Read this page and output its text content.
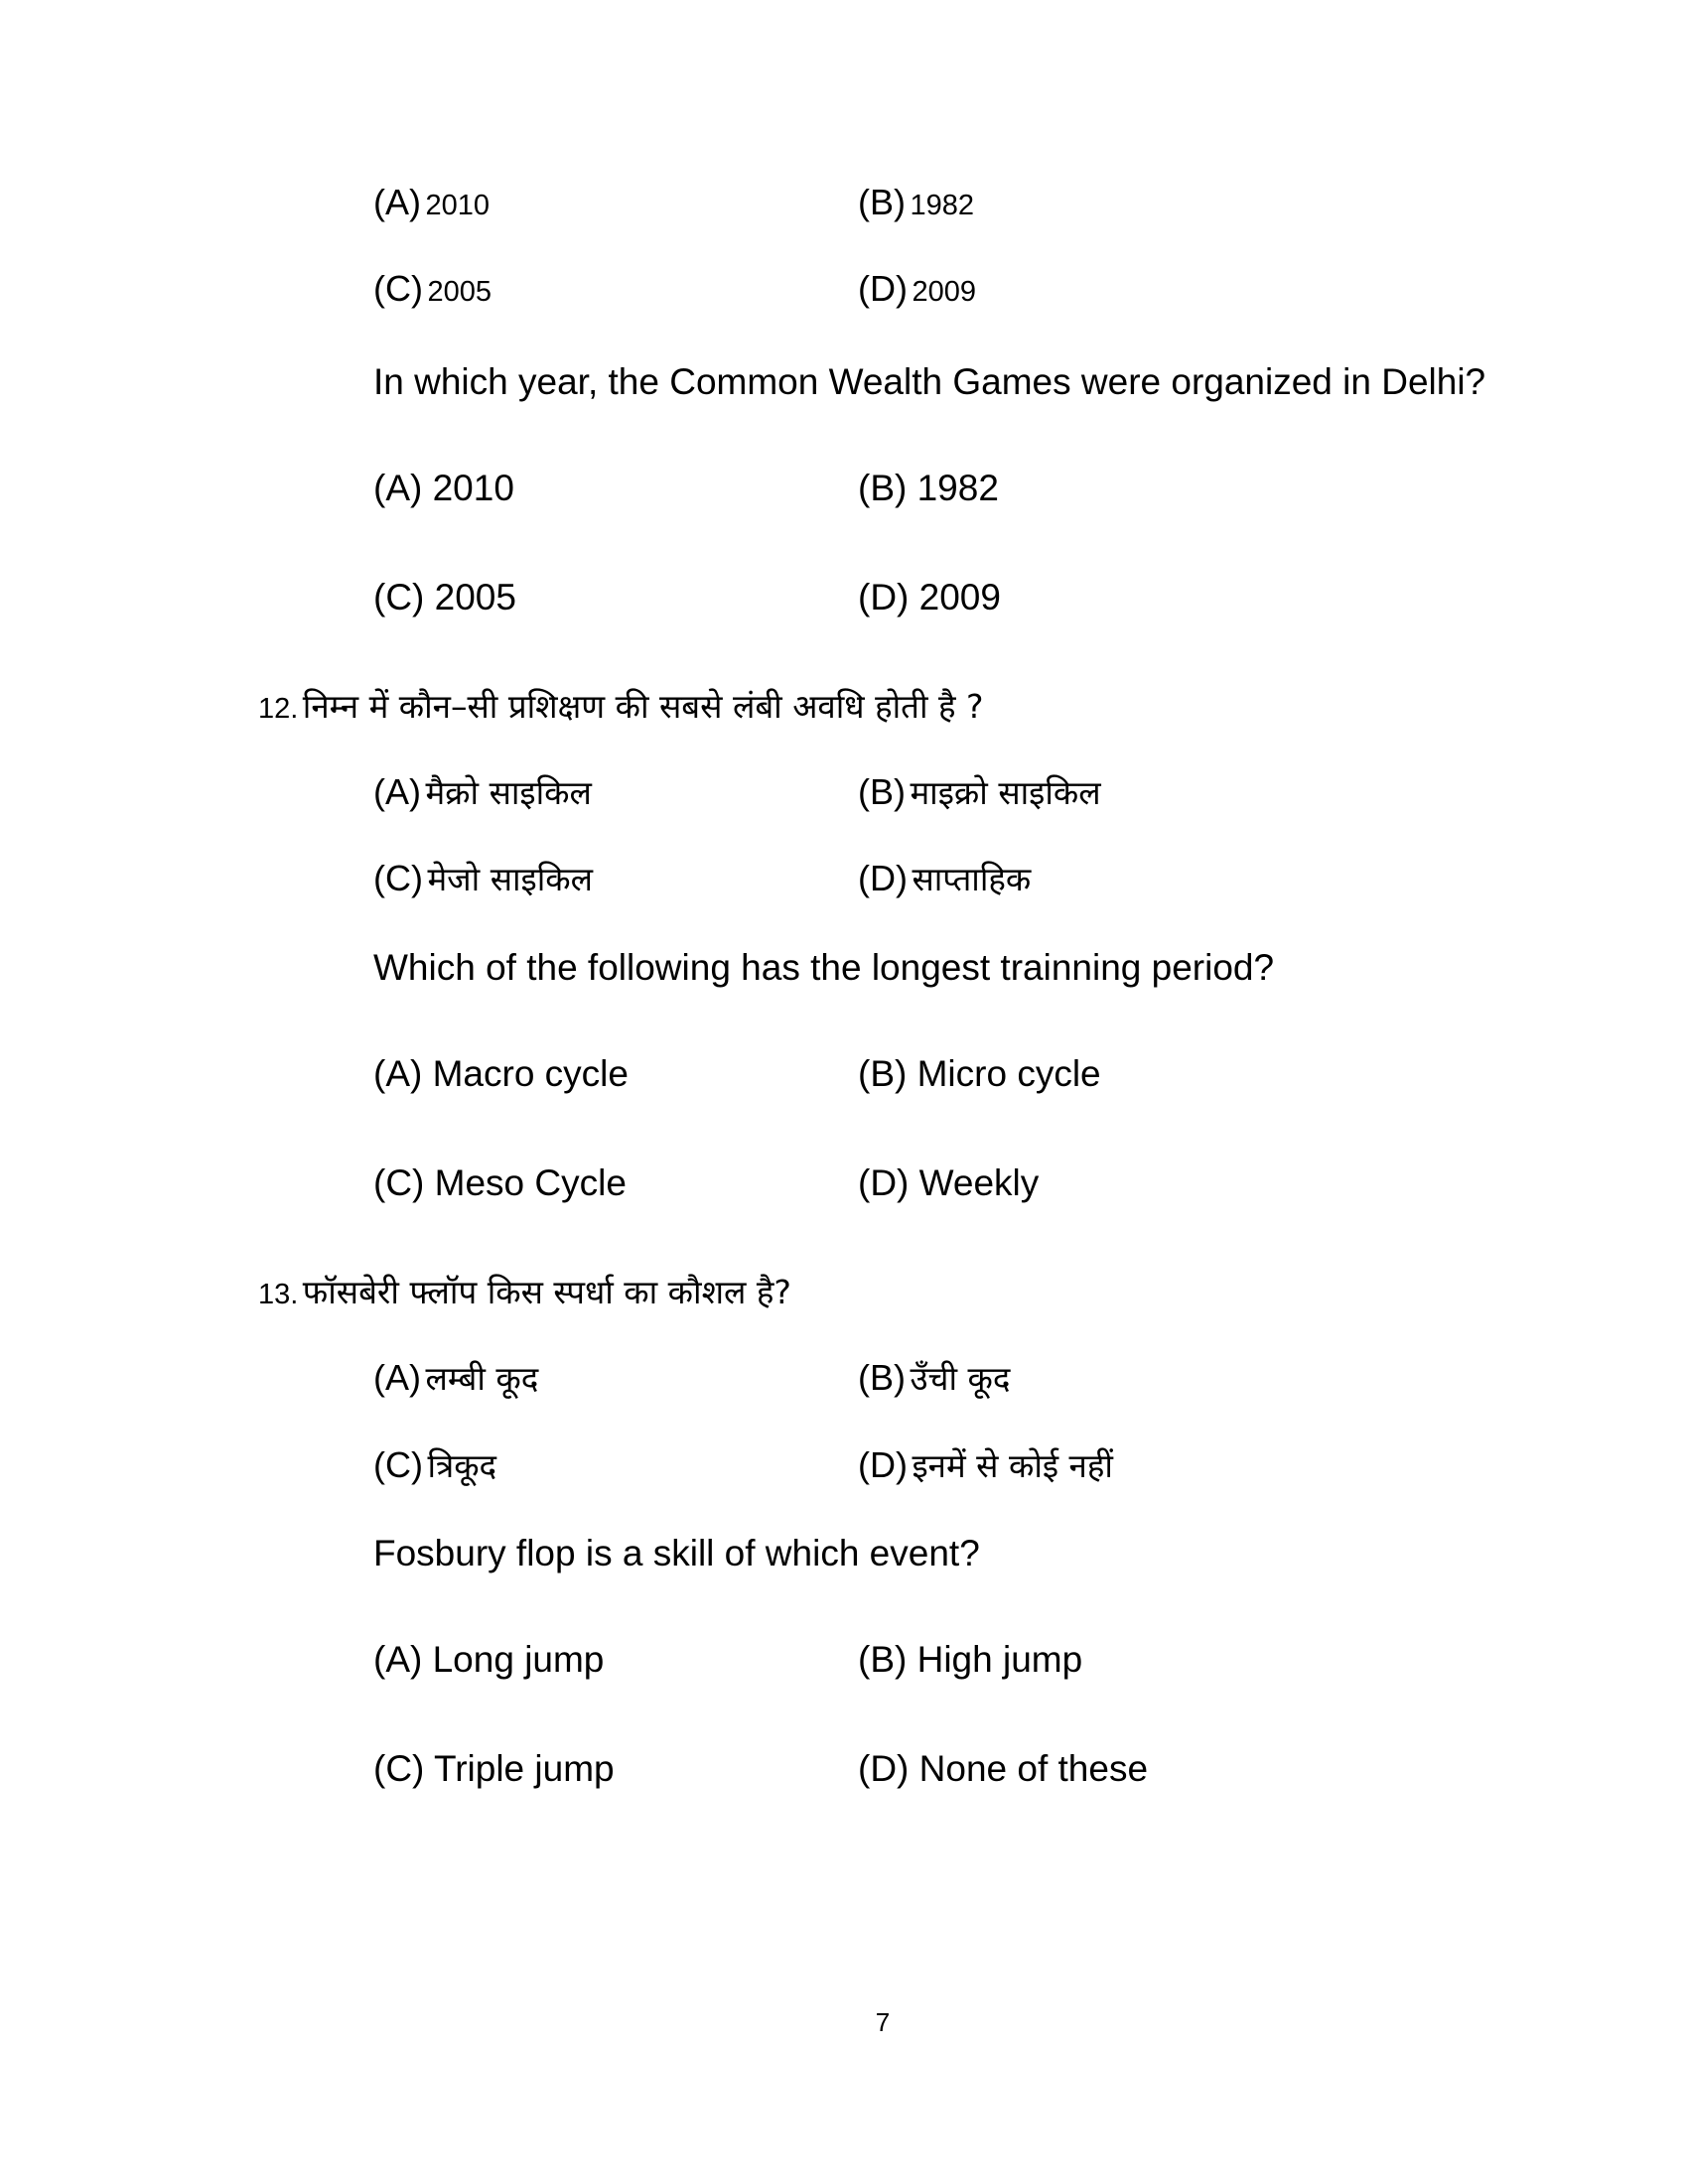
(A) 2010	(B) 1982
(C) 2005	(D) 2009
In which year, the Common Wealth Games were organized in Delhi?
(A) 2010	(B) 1982
(C) 2005	(D) 2009
12. निम्न में कौन–सी प्रशिक्षण की सबसे लंबी अवधि होती है ?
(A) मैक्रो साइकिल	(B) माइक्रो साइकिल
(C) मेजो साइकिल	(D) साप्ताहिक
Which of the following has the longest trainning period?
(A) Macro cycle	(B) Micro cycle
(C) Meso Cycle	(D) Weekly
13. फॉसबेरी फ्लॉप किस स्पर्धा का कौशल है?
(A) लम्बी कूद	(B) उँची कूद
(C) त्रिकूद	(D) इनमें से कोई नहीं
Fosbury flop is a skill of which event?
(A) Long jump	(B) High jump
(C) Triple jump	(D) None of these
7
